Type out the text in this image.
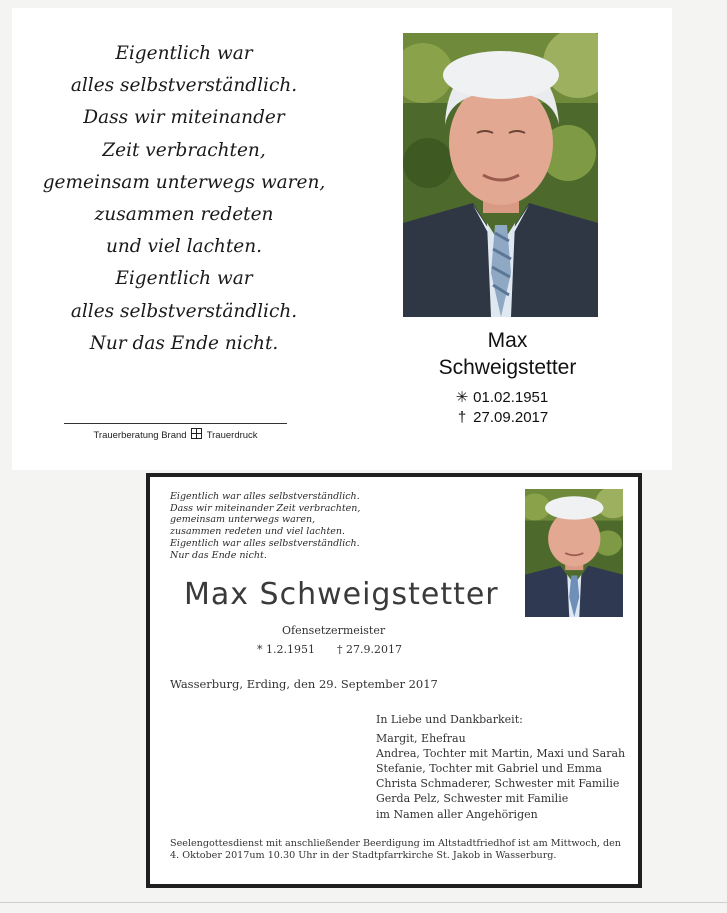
Eigentlich war
alles selbstverständlich.
Dass wir miteinander
Zeit verbrachten,
gemeinsam unterwegs waren,
zusammen redeten
und viel lachten.
Eigentlich war
alles selbstverständlich.
Nur das Ende nicht.	Max
Schweigstetter
✳ 01.02.1951
† 27.09.2017
Trauerberatung Brand ☒ Trauerdruck
Eigentlich war alles selbstverständlich.
Dass wir miteinander Zeit verbrachten,
gemeinsam unterwegs waren,
zusammen redeten und viel lachten.
Eigentlich war alles selbstverständlich.
Nur das Ende nicht.
Max Schweigstetter
Ofensetzermeister
* 1.2.1951 † 27.9.2017
Wasserburg, Erding, den 29. September 2017
In Liebe und Dankbarkeit:
Margit, Ehefrau
Andrea, Tochter mit Martin, Maxi und Sarah
Stefanie, Tochter mit Gabriel und Emma
Christa Schmaderer, Schwester mit Familie
Gerda Pelz, Schwester mit Familie
im Namen aller Angehörigen
Seelengottesdienst mit anschließender Beerdigung im Altstadtfriedhof ist am Mittwoch, den 4. Oktober 2017um 10.30 Uhr in der Stadtpfarrkirche St. Jakob in Wasserburg.
